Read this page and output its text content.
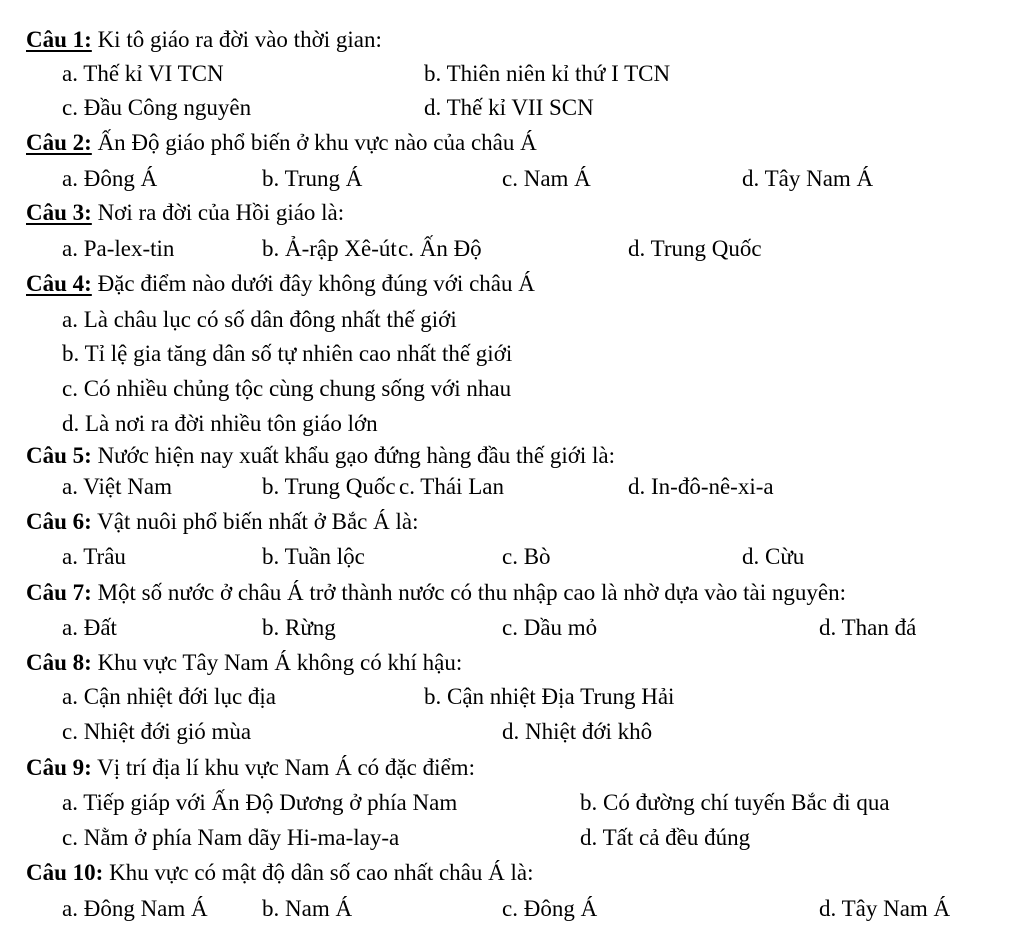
Câu 1: Ki tô giáo ra đời vào thời gian:
a. Thế kỉ VI TCN	b. Thiên niên kỉ thứ I TCN
c. Đầu Công nguyên	d. Thế kỉ VII SCN
Câu 2: Ấn Độ giáo phổ biến ở khu vực nào của châu Á
a. Đông Á	b. Trung Á	c. Nam Á	d. Tây Nam Á
Câu 3: Nơi ra đời của Hồi giáo là:
a. Pa-lex-tin	b. Ả-rập Xê-út c. Ấn Độ	d. Trung Quốc
Câu 4: Đặc điểm nào dưới đây không đúng với châu Á
a. Là châu lục có số dân đông nhất thế giới
b. Tỉ lệ gia tăng dân số tự nhiên cao nhất thế giới
c. Có nhiều chủng tộc cùng chung sống với nhau
d. Là nơi ra đời nhiều tôn giáo lớn
Câu 5: Nước hiện nay xuất khẩu gạo đứng hàng đầu thế giới là:
a. Việt Nam	b. Trung Quốc c. Thái Lan	d. In-đô-nê-xi-a
Câu 6: Vật nuôi phổ biến nhất ở Bắc Á là:
a. Trâu	b. Tuần lộc	c. Bò	d. Cừu
Câu 7: Một số nước ở châu Á trở thành nước có thu nhập cao là nhờ dựa vào tài nguyên:
a. Đất	b. Rừng	c. Dầu mỏ	d. Than đá
Câu 8: Khu vực Tây Nam Á không có khí hậu:
a. Cận nhiệt đới lục địa	b. Cận nhiệt Địa Trung Hải
c. Nhiệt đới gió mùa	d. Nhiệt đới khô
Câu 9: Vị trí địa lí khu vực Nam Á có đặc điểm:
a. Tiếp giáp với Ấn Độ Dương ở phía Nam	b. Có đường chí tuyến Bắc đi qua
c. Nằm ở phía Nam dãy Hi-ma-lay-a	d. Tất cả đều đúng
Câu 10: Khu vực có mật độ dân số cao nhất châu Á là:
a. Đông Nam Á b. Nam Á	c. Đông Á	d. Tây Nam Á
